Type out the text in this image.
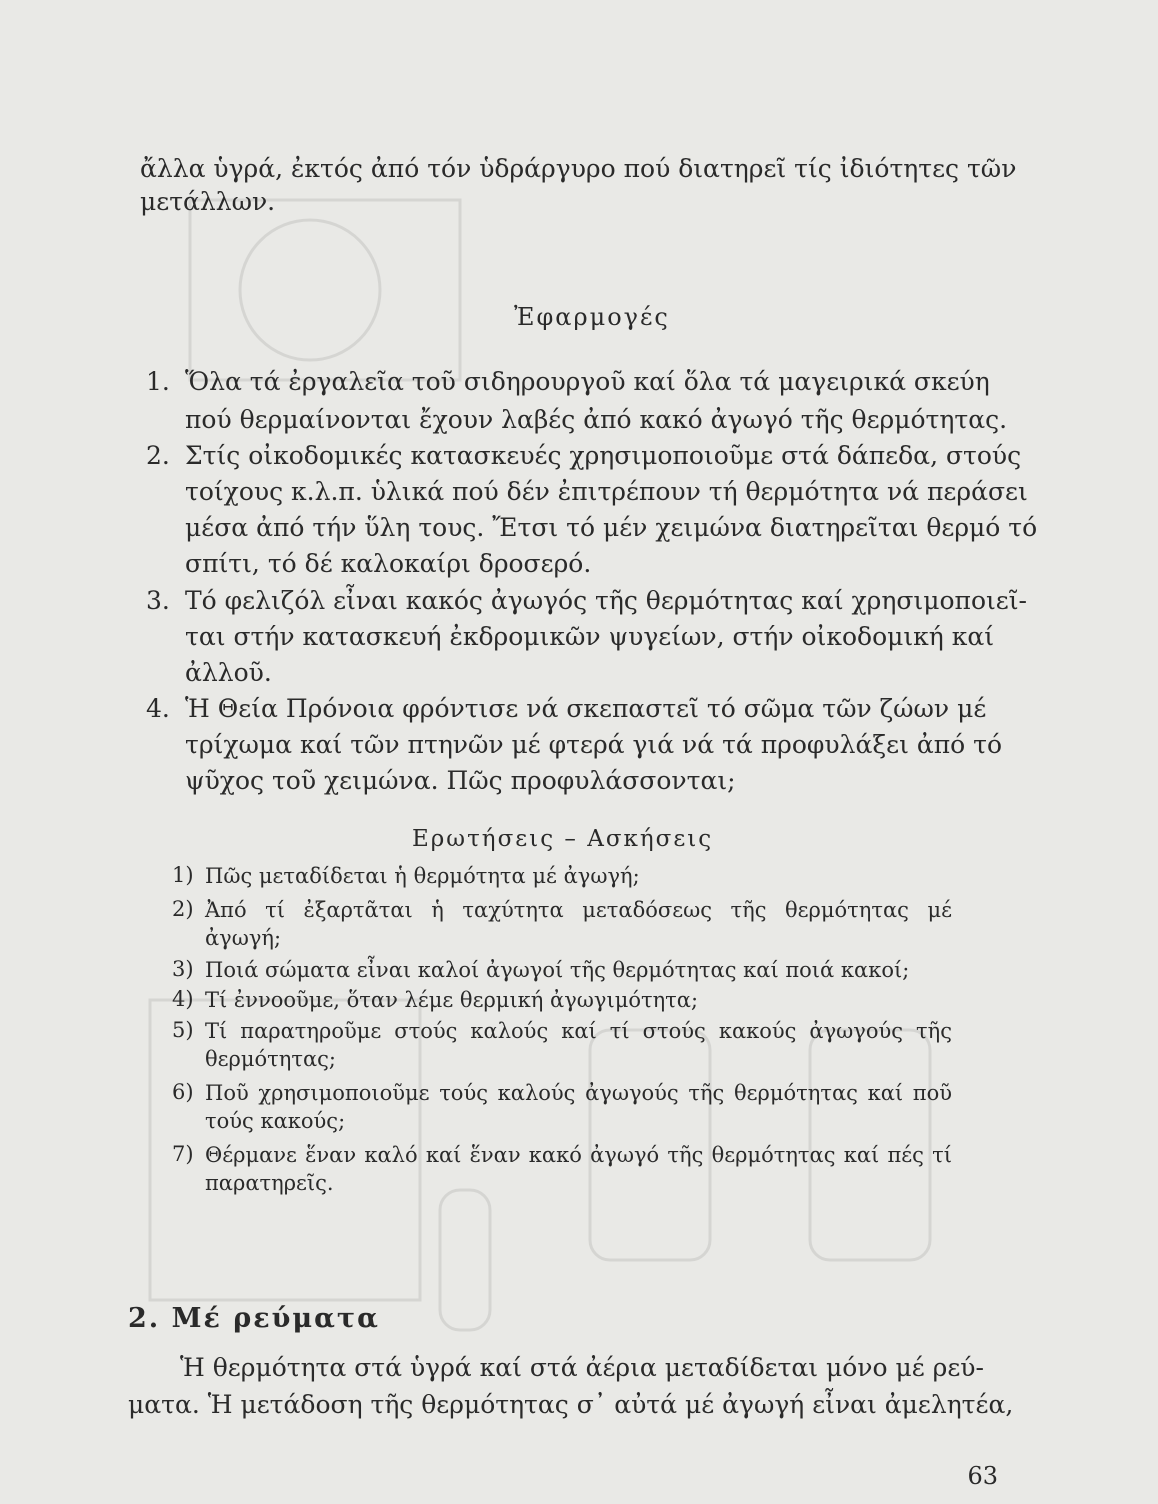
ἄλλα ὑγρά, ἐκτός ἀπό τόν ὑδράργυρο πού διατηρεῖ τίς ἰδιότητες τῶν
μετάλλων.
Ἐφαρμογές
1. Ὅλα τά ἐργαλεῖα τοῦ σιδηρουργοῦ καί ὅλα τά μαγειρικά σκεύη
πού θερμαίνονται ἔχουν λαβές ἀπό κακό ἀγωγό τῆς θερμότητας.
2. Στίς οἰκοδομικές κατασκευές χρησιμοποιοῦμε στά δάπεδα, στούς
τοίχους κ.λ.π. ὑλικά πού δέν ἐπιτρέπουν τή θερμότητα νά περάσει
μέσα ἀπό τήν ὕλη τους. Ἔτσι τό μέν χειμώνα διατηρεῖται θερμό τό
σπίτι, τό δέ καλοκαίρι δροσερό.
3. Τό φελιζόλ εἶναι κακός ἀγωγός τῆς θερμότητας καί χρησιμοποιεῖ-
ται στήν κατασκευή ἐκδρομικῶν ψυγείων, στήν οἰκοδομική καί
ἀλλοῦ.
4. Ἡ Θεία Πρόνοια φρόντισε νά σκεπαστεῖ τό σῶμα τῶν ζώων μέ
τρίχωμα καί τῶν πτηνῶν μέ φτερά γιά νά τά προφυλάξει ἀπό τό
ψῦχος τοῦ χειμώνα. Πῶς προφυλάσσονται;
Ερωτήσεις – Ασκήσεις
1) Πῶς μεταδίδεται ἡ θερμότητα μέ ἀγωγή;
2) Ἀπό τί ἐξαρτᾶται ἡ ταχύτητα μεταδόσεως τῆς θερμότητας μέ
ἀγωγή;
3) Ποιά σώματα εἶναι καλοί ἀγωγοί τῆς θερμότητας καί ποιά κακοί;
4) Τί ἐννοοῦμε, ὅταν λέμε θερμική ἀγωγιμότητα;
5) Τί παρατηροῦμε στούς καλούς καί τί στούς κακούς ἀγωγούς τῆς
θερμότητας;
6) Ποῦ χρησιμοποιοῦμε τούς καλούς ἀγωγούς τῆς θερμότητας καί ποῦ
τούς κακούς;
7) Θέρμανε ἕναν καλό καί ἕναν κακό ἀγωγό τῆς θερμότητας καί πές τί
παρατηρεῖς.
2. Μέ ρεύματα
Ἡ θερμότητα στά ὑγρά καί στά ἀέρια μεταδίδεται μόνο μέ ρεύ-
ματα. Ἡ μετάδοση τῆς θερμότητας σ᾽ αὐτά μέ ἀγωγή εἶναι ἀμελητέα,
63
